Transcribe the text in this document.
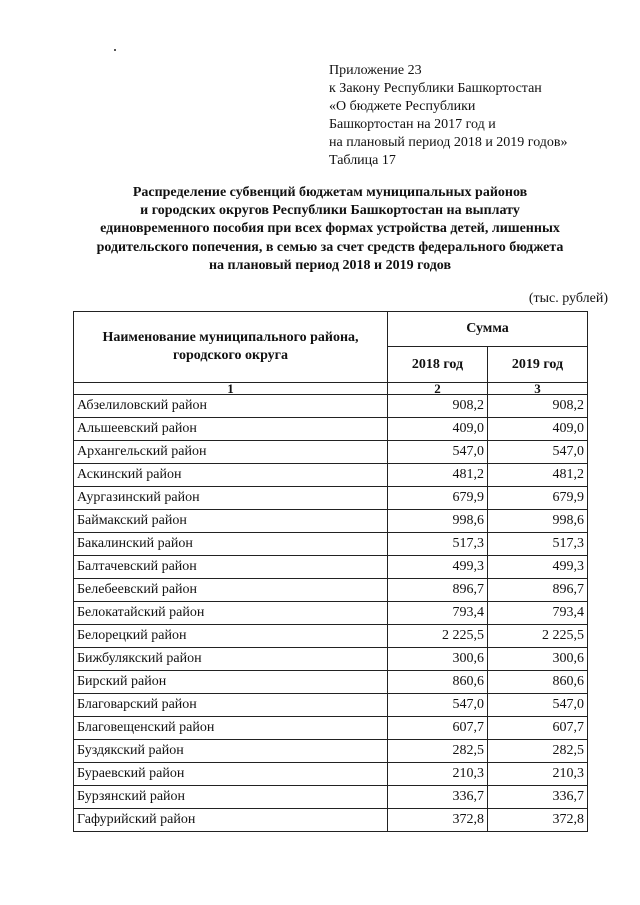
Приложение 23
к Закону Республики Башкортостан
«О бюджете Республики
Башкортостан на 2017 год и
на плановый период 2018 и 2019 годов»
Таблица 17
Распределение субвенций бюджетам муниципальных районов
и городских округов Республики Башкортостан на выплату
единовременного пособия при всех формах устройства детей, лишенных
родительского попечения, в семью за счет средств федерального бюджета
на плановый период 2018 и 2019 годов
(тыс. рублей)
Наименование муниципального района,
городского округа	Сумма	
	2018 год	2019 год
1	2	3
Абзелиловский район	908,2	908,2
Альшеевский район	409,0	409,0
Архангельский район	547,0	547,0
Аскинский район	481,2	481,2
Аургазинский район	679,9	679,9
Баймакский район	998,6	998,6
Бакалинский район	517,3	517,3
Балтачевский район	499,3	499,3
Белебеевский район	896,7	896,7
Белокатайский район	793,4	793,4
Белорецкий район	2 225,5	2 225,5
Бижбулякский район	300,6	300,6
Бирский район	860,6	860,6
Благоварский район	547,0	547,0
Благовещенский район	607,7	607,7
Буздякский район	282,5	282,5
Бураевский район	210,3	210,3
Бурзянский район	336,7	336,7
Гафурийский район	372,8	372,8
